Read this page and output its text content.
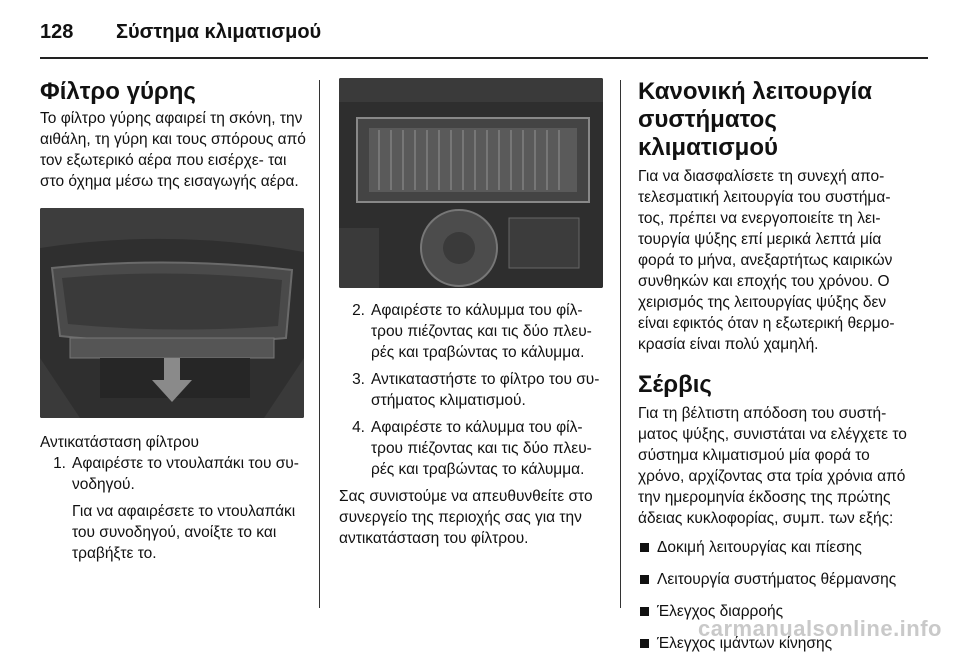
128	Σύστημα κλιματισμού
Φίλτρο γύρης

Το φίλτρο γύρης αφαιρεί τη σκόνη, την αιθάλη, τη γύρη και τους σπόρους από τον εξωτερικό αέρα που εισέρχε- ται στο όχημα μέσω της εισαγωγής αέρα.

Αντικατάσταση φίλτρου

1. Αφαιρέστε το ντουλαπάκι του συ- νοδηγού.
Για να αφαιρέσετε το ντουλαπάκι του συνοδηγού, ανοίξτε το και τραβήξτε το.
2. Αφαιρέστε το κάλυμμα του φίλ- τρου πιέζοντας και τις δύο πλευ- ρές και τραβώντας το κάλυμμα.
3. Αντικαταστήστε το φίλτρο του συ- στήματος κλιματισμού.
4. Αφαιρέστε το κάλυμμα του φίλ- τρου πιέζοντας και τις δύο πλευ- ρές και τραβώντας το κάλυμμα.

Σας συνιστούμε να απευθυνθείτε στο συνεργείο της περιοχής σας για την αντικατάσταση του φίλτρου.

Κανονική λειτουργία συστήματος κλιματισμού

Για να διασφαλίσετε τη συνεχή απο- τελεσματική λειτουργία του συστήμα- τος, πρέπει να ενεργοποιείτε τη λει- τουργία ψύξης επί μερικά λεπτά μία φορά το μήνα, ανεξαρτήτως καιρικών συνθηκών και εποχής του χρόνου. Ο χειρισμός της λειτουργίας ψύξης δεν είναι εφικτός όταν η εξωτερική θερμο- κρασία είναι πολύ χαμηλή.

Σέρβις

Για τη βέλτιστη απόδοση του συστή- ματος ψύξης, συνιστάται να ελέγχετε το σύστημα κλιματισμού μία φορά το χρόνο, αρχίζοντας στα τρία χρόνια από την ημερομηνία έκδοσης της πρώτης άδειας κυκλοφορίας, συμπ. των εξής:

Δοκιμή λειτουργίας και πίεσης
Λειτουργία συστήματος θέρμανσης
Έλεγχος διαρροής
Έλεγχος ιμάντων κίνησης
carmanualsonline.info
